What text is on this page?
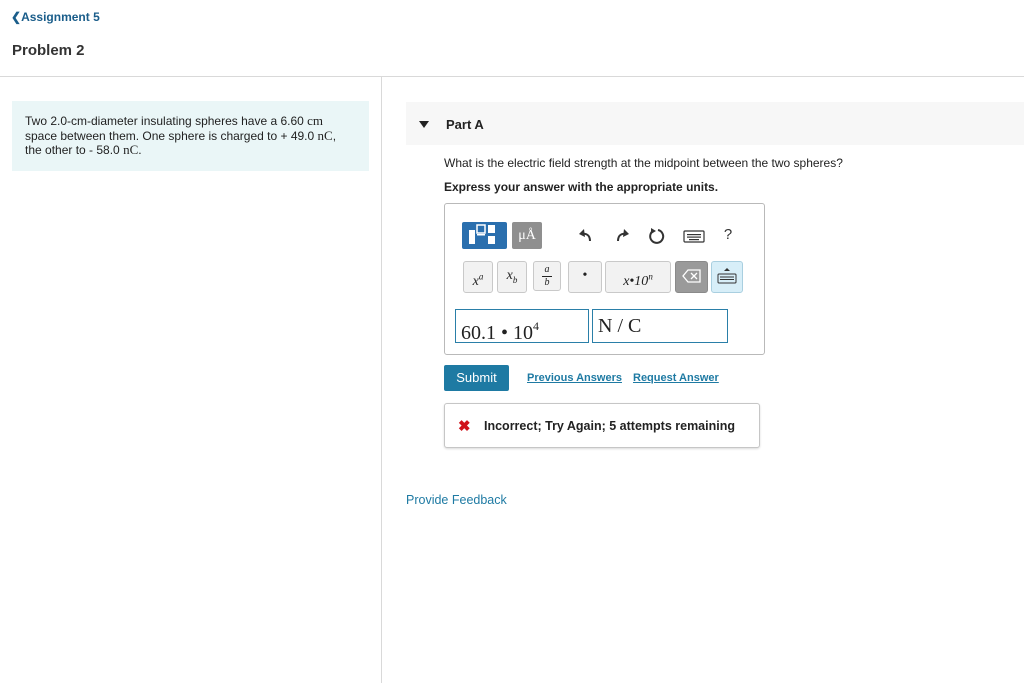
❮Assignment 5
Problem 2
Two 2.0-cm-diameter insulating spheres have a 6.60 cm
space between them. One sphere is charged to + 49.0 nC,
the other to - 58.0 nC.
Part A
What is the electric field strength at the midpoint between the two spheres?
Express your answer with the appropriate units.
μÅ	?
$x^a$	$x_b$
a
b	•	x•10$^n$
60.1 • $10^4$	N / C
Submit	Previous Answers Request Answer
✖ Incorrect; Try Again; 5 attempts remaining
Provide Feedback
